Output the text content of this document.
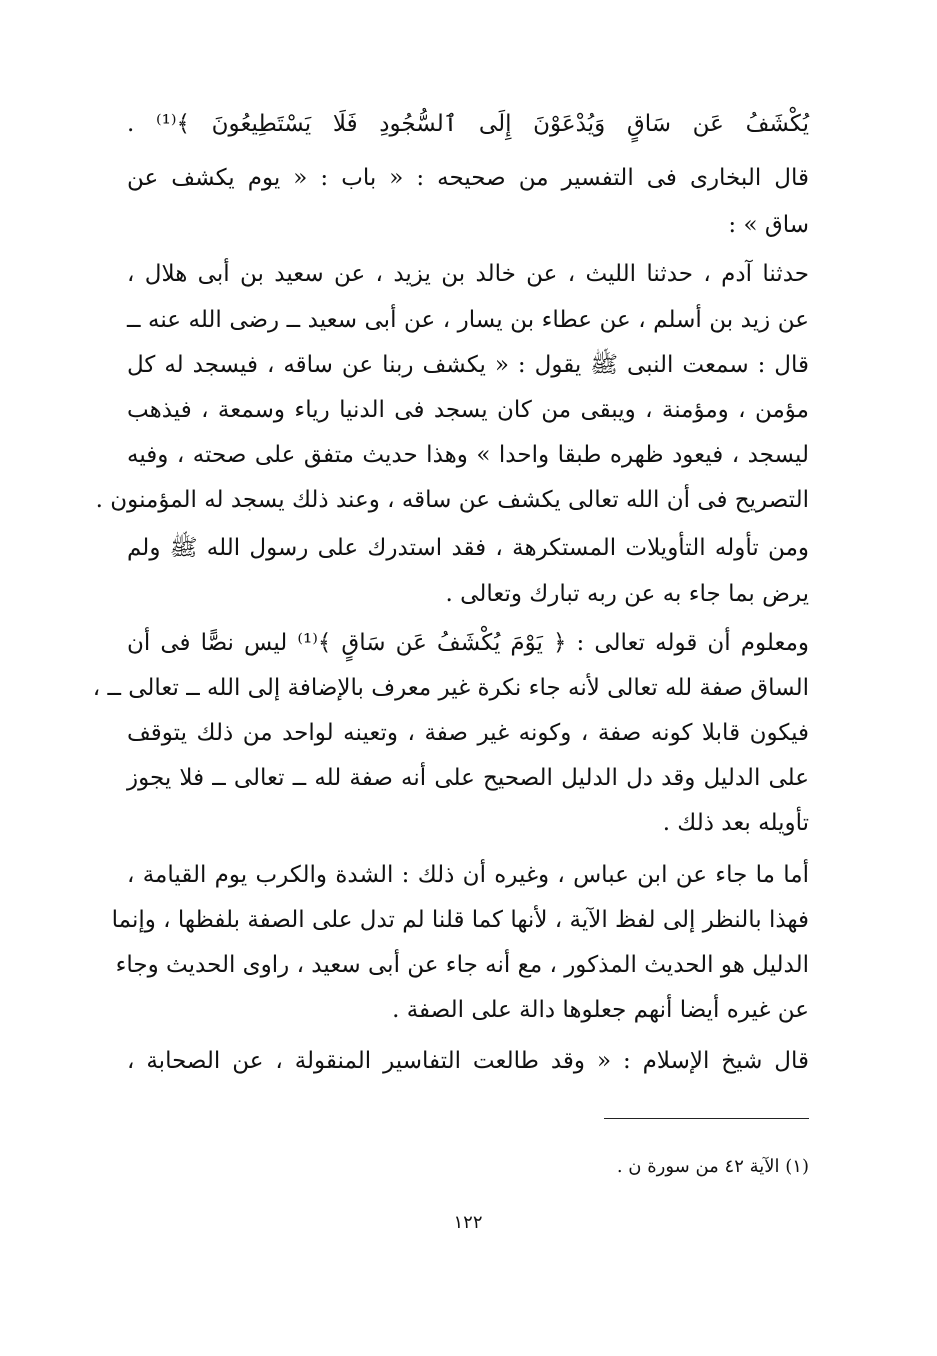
يُكْشَفُ عَن سَاقٍ وَيُدْعَوْنَ إِلَى ٱلسُّجُودِ فَلَا يَسْتَطِيعُونَ ﴾⁽¹⁾ .
قال البخارى فى التفسير من صحيحه : « باب : « يوم يكشف عن
ساق » :
حدثنا آدم ، حدثنا الليث ، عن خالد بن يزيد ، عن سعيد بن أبى هلال ،
عن زيد بن أسلم ، عن عطاء بن يسار ، عن أبى سعيد ــ رضى الله عنه ــ
قال : سمعت النبى ﷺ يقول : « يكشف ربنا عن ساقه ، فيسجد له كل
مؤمن ، ومؤمنة ، ويبقى من كان يسجد فى الدنيا رياء وسمعة ، فيذهب
ليسجد ، فيعود ظهره طبقا واحدا » وهذا حديث متفق على صحته ، وفيه
التصريح فى أن الله تعالى يكشف عن ساقه ، وعند ذلك يسجد له المؤمنون .
ومن تأوله التأويلات المستكرهة ، فقد استدرك على رسول الله ﷺ ولم
يرض بما جاء به عن ربه تبارك وتعالى .
ومعلوم أن قوله تعالى : ﴿ يَوْمَ يُكْشَفُ عَن سَاقٍ ﴾⁽¹⁾ ليس نصًّا فى أن
الساق صفة لله تعالى لأنه جاء نكرة غير معرف بالإضافة إلى الله ــ تعالى ــ ،
فيكون قابلا كونه صفة ، وكونه غير صفة ، وتعينه لواحد من ذلك يتوقف
على الدليل وقد دل الدليل الصحيح على أنه صفة لله ــ تعالى ــ فلا يجوز
تأويله بعد ذلك .
أما ما جاء عن ابن عباس ، وغيره أن ذلك : الشدة والكرب يوم القيامة ،
فهذا بالنظر إلى لفظ الآية ، لأنها كما قلنا لم تدل على الصفة بلفظها ، وإنما
الدليل هو الحديث المذكور ، مع أنه جاء عن أبى سعيد ، راوى الحديث وجاء
عن غيره أيضا أنهم جعلوها دالة على الصفة .
قال شيخ الإسلام : « وقد طالعت التفاسير المنقولة ، عن الصحابة ،
(١) الآية ٤٢ من سورة ن .
١٢٢
